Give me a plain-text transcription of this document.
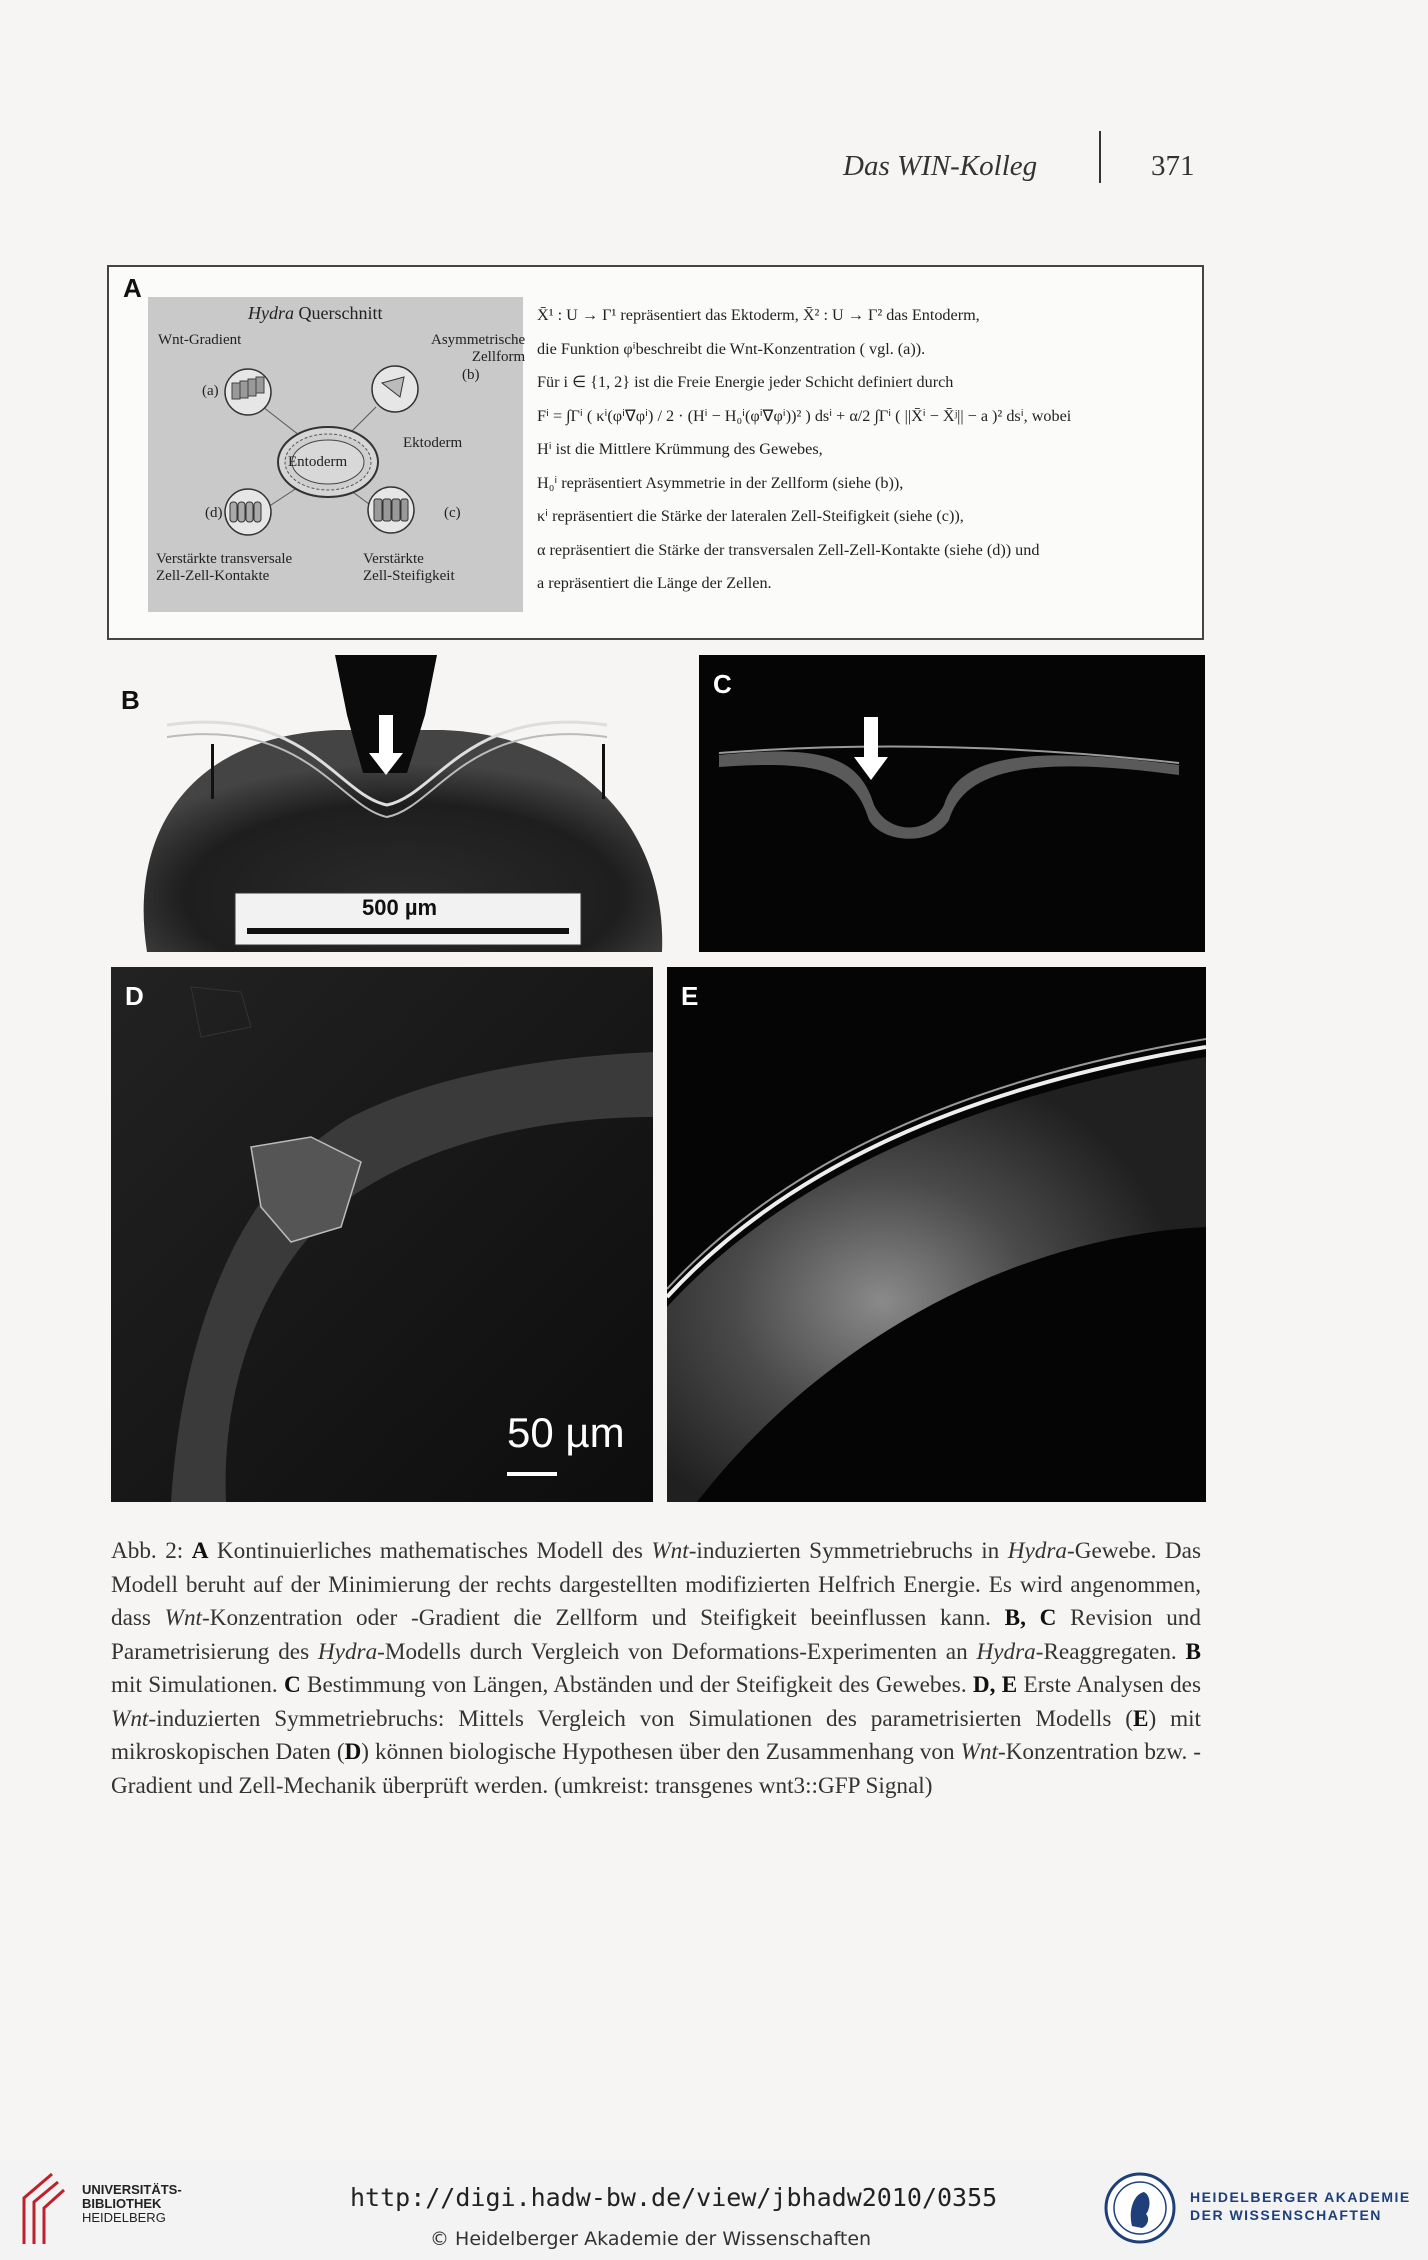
Das WIN-Kolleg	371
A
Hydra Querschnitt
Wnt-Gradient
(a)
Asymmetrische
Zellform
(b)
Entoderm
Ektoderm
(d)	(c)
Verstärkte transversale
Zell-Zell-Kontakte
Verstärkte
Zell-Steifigkeit
X̄¹ : U → Γ¹ repräsentiert das Ektoderm, X̄² : U → Γ² das Entoderm,
die Funktion φⁱbeschreibt die Wnt-Konzentration ( vgl. (a)).
Für i ∈ {1, 2} ist die Freie Energie jeder Schicht definiert durch
Fⁱ = ∫Γⁱ ( κⁱ(φⁱ∇φⁱ) / 2 · (Hⁱ − H₀ⁱ(φⁱ∇φⁱ))² ) dsⁱ + α/2 ∫Γⁱ ( ||X̄ⁱ − X̄ʲ|| − a )² dsⁱ, wobei
Hⁱ ist die Mittlere Krümmung des Gewebes,
H₀ⁱ repräsentiert Asymmetrie in der Zellform (siehe (b)),
κⁱ repräsentiert die Stärke der lateralen Zell-Steifigkeit (siehe (c)),
α repräsentiert die Stärke der transversalen Zell-Zell-Kontakte (siehe (d)) und
a repräsentiert die Länge der Zellen.
B
500 µm
C
D
50 µm
E
Abb. 2: A Kontinuierliches mathematisches Modell des Wnt-induzierten Symmetriebruchs in Hydra-Gewebe. Das Modell beruht auf der Minimierung der rechts dargestellten modifizierten Helfrich Energie. Es wird angenommen, dass Wnt-Konzentration oder -Gradient die Zellform und Steifigkeit beeinflussen kann. B, C Revision und Parametrisierung des Hydra-Modells durch Vergleich von Deformations-Experimenten an Hydra-Reaggregaten. B mit Simulationen. C Bestimmung von Längen, Abständen und der Steifigkeit des Gewebes. D, E Erste Analysen des Wnt-induzierten Symmetriebruchs: Mittels Vergleich von Simulationen des parametrisierten Modells (E) mit mikroskopischen Daten (D) können biologische Hypothesen über den Zusammenhang von Wnt-Konzentration bzw. -Gradient und Zell-Mechanik überprüft werden. (umkreist: transgenes wnt3::GFP Signal)
UNIVERSITÄTS-
BIBLIOTHEK
HEIDELBERG
http://digi.hadw-bw.de/view/jbhadw2010/0355
© Heidelberger Akademie der Wissenschaften
HEIDELBERGER AKADEMIE
DER WISSENSCHAFTEN
